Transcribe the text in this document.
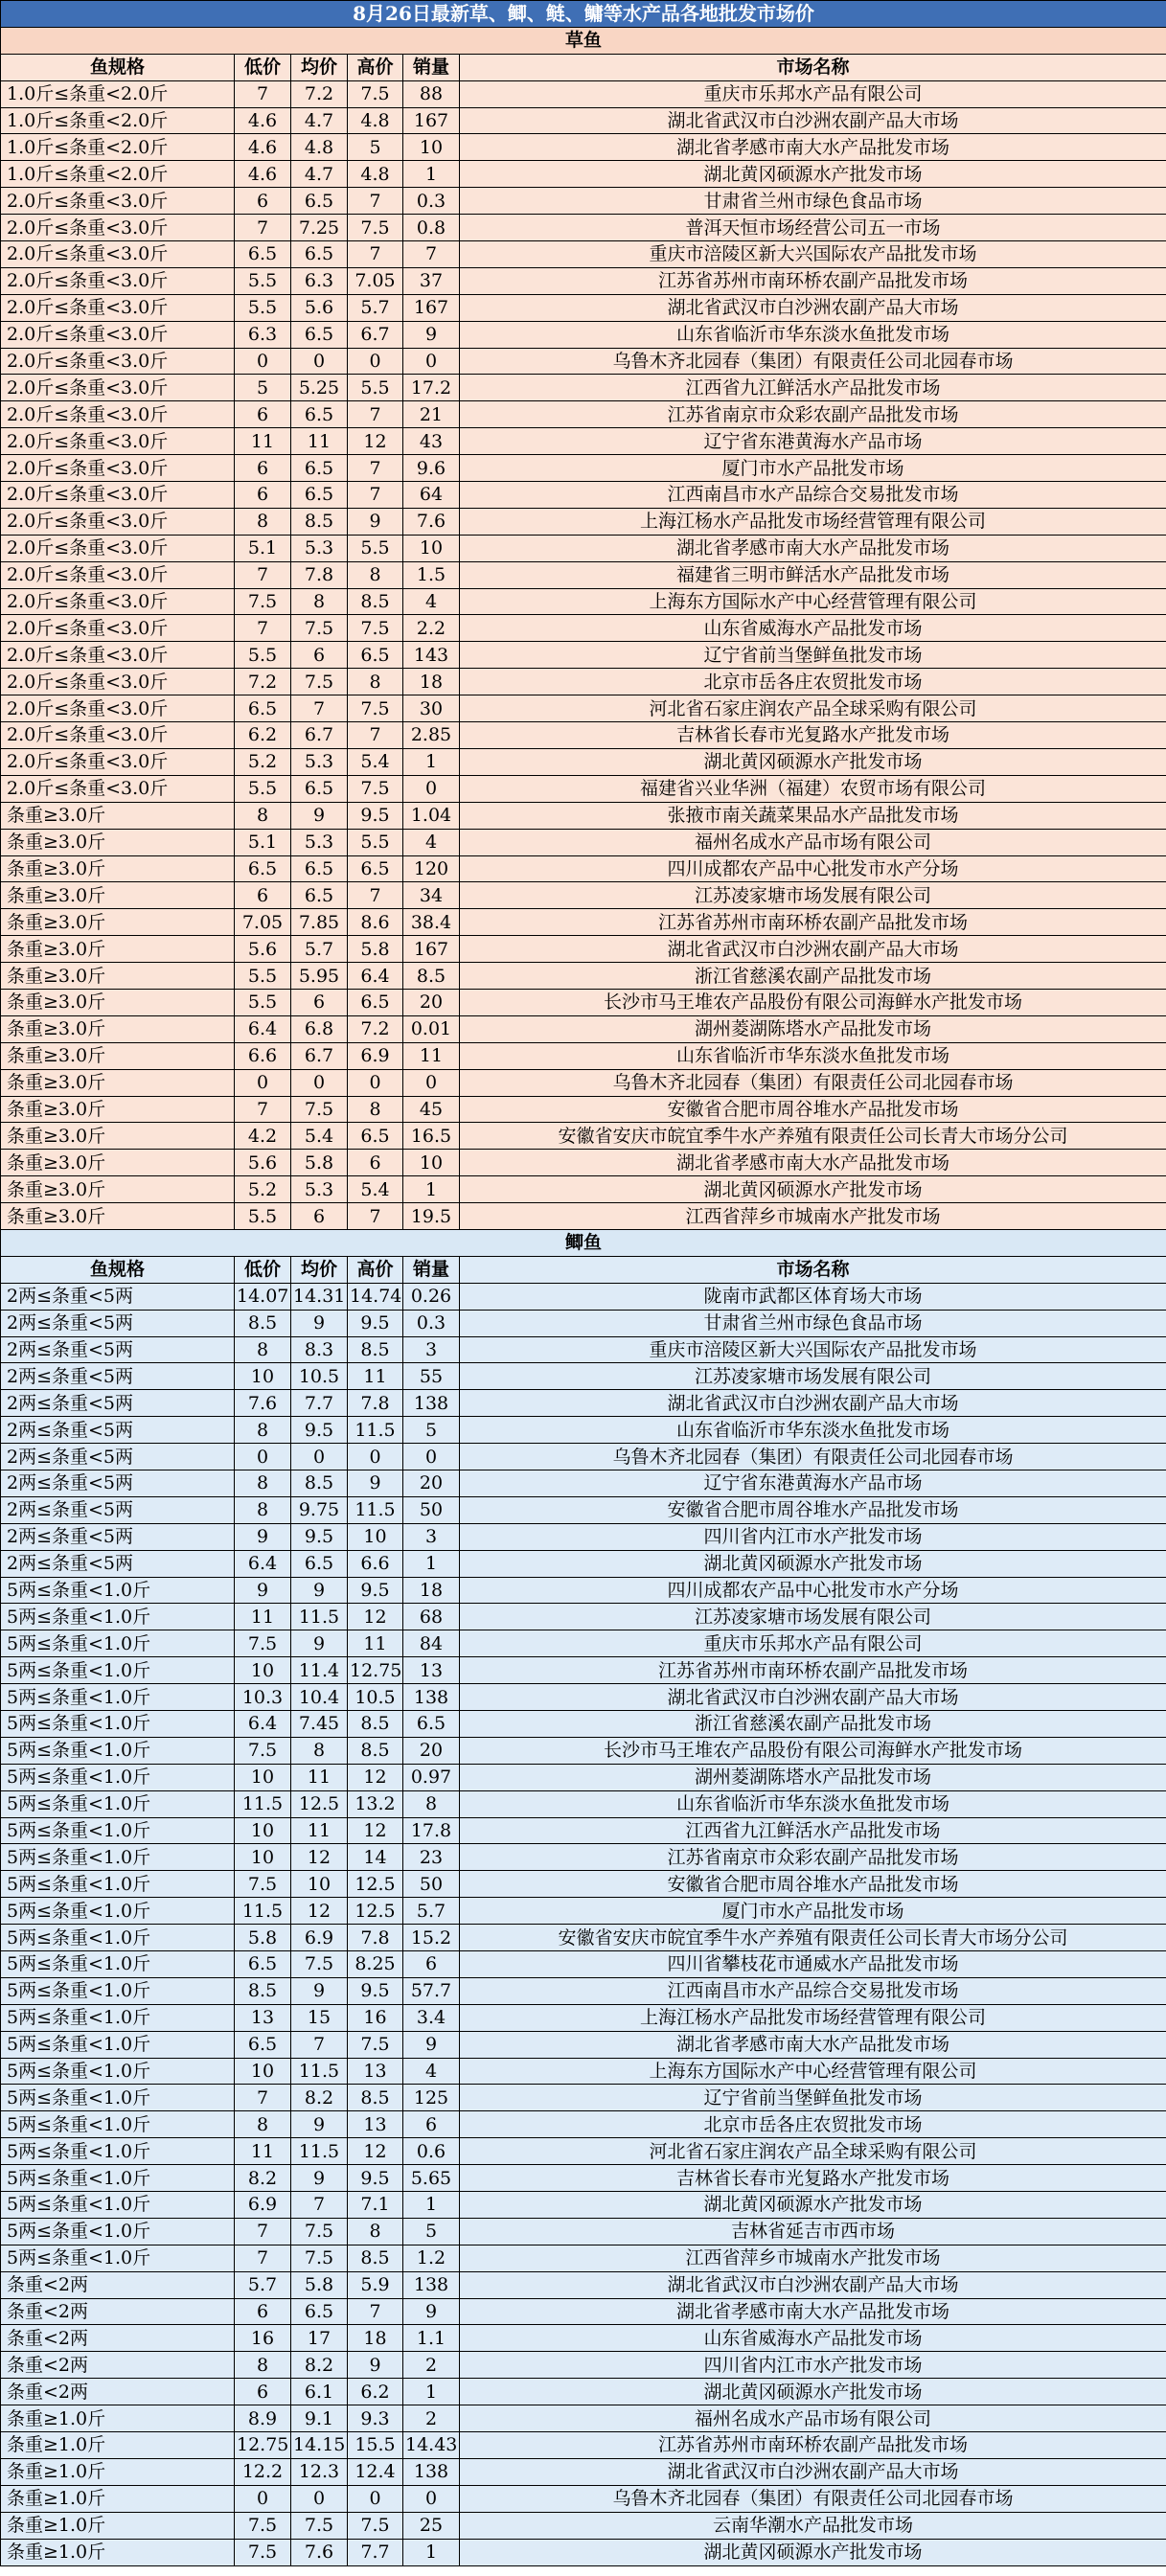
8月26日最新草、鲫、鲢、鳙等水产品各地批发市场价					
草鱼					
鱼规格	低价	均价	高价	销量	市场名称
1.0斤≤条重<2.0斤	7	7.2	7.5	88	重庆市乐邦水产品有限公司
1.0斤≤条重<2.0斤	4.6	4.7	4.8	167	湖北省武汉市白沙洲农副产品大市场
1.0斤≤条重<2.0斤	4.6	4.8	5	10	湖北省孝感市南大水产品批发市场
1.0斤≤条重<2.0斤	4.6	4.7	4.8	1	湖北黄冈硕源水产批发市场
2.0斤≤条重<3.0斤	6	6.5	7	0.3	甘肃省兰州市绿色食品市场
2.0斤≤条重<3.0斤	7	7.25	7.5	0.8	普洱天恒市场经营公司五一市场
2.0斤≤条重<3.0斤	6.5	6.5	7	7	重庆市涪陵区新大兴国际农产品批发市场
2.0斤≤条重<3.0斤	5.5	6.3	7.05	37	江苏省苏州市南环桥农副产品批发市场
2.0斤≤条重<3.0斤	5.5	5.6	5.7	167	湖北省武汉市白沙洲农副产品大市场
2.0斤≤条重<3.0斤	6.3	6.5	6.7	9	山东省临沂市华东淡水鱼批发市场
2.0斤≤条重<3.0斤	0	0	0	0	乌鲁木齐北园春（集团）有限责任公司北园春市场
2.0斤≤条重<3.0斤	5	5.25	5.5	17.2	江西省九江鲜活水产品批发市场
2.0斤≤条重<3.0斤	6	6.5	7	21	江苏省南京市众彩农副产品批发市场
2.0斤≤条重<3.0斤	11	11	12	43	辽宁省东港黄海水产品市场
2.0斤≤条重<3.0斤	6	6.5	7	9.6	厦门市水产品批发市场
2.0斤≤条重<3.0斤	6	6.5	7	64	江西南昌市水产品综合交易批发市场
2.0斤≤条重<3.0斤	8	8.5	9	7.6	上海江杨水产品批发市场经营管理有限公司
2.0斤≤条重<3.0斤	5.1	5.3	5.5	10	湖北省孝感市南大水产品批发市场
2.0斤≤条重<3.0斤	7	7.8	8	1.5	福建省三明市鲜活水产品批发市场
2.0斤≤条重<3.0斤	7.5	8	8.5	4	上海东方国际水产中心经营管理有限公司
2.0斤≤条重<3.0斤	7	7.5	7.5	2.2	山东省威海水产品批发市场
2.0斤≤条重<3.0斤	5.5	6	6.5	143	辽宁省前当堡鲜鱼批发市场
2.0斤≤条重<3.0斤	7.2	7.5	8	18	北京市岳各庄农贸批发市场
2.0斤≤条重<3.0斤	6.5	7	7.5	30	河北省石家庄润农产品全球采购有限公司
2.0斤≤条重<3.0斤	6.2	6.7	7	2.85	吉林省长春市光复路水产批发市场
2.0斤≤条重<3.0斤	5.2	5.3	5.4	1	湖北黄冈硕源水产批发市场
2.0斤≤条重<3.0斤	5.5	6.5	7.5	0	福建省兴业华洲（福建）农贸市场有限公司
条重≥3.0斤	8	9	9.5	1.04	张掖市南关蔬菜果品水产品批发市场
条重≥3.0斤	5.1	5.3	5.5	4	福州名成水产品市场有限公司
条重≥3.0斤	6.5	6.5	6.5	120	四川成都农产品中心批发市水产分场
条重≥3.0斤	6	6.5	7	34	江苏凌家塘市场发展有限公司
条重≥3.0斤	7.05	7.85	8.6	38.4	江苏省苏州市南环桥农副产品批发市场
条重≥3.0斤	5.6	5.7	5.8	167	湖北省武汉市白沙洲农副产品大市场
条重≥3.0斤	5.5	5.95	6.4	8.5	浙江省慈溪农副产品批发市场
条重≥3.0斤	5.5	6	6.5	20	长沙市马王堆农产品股份有限公司海鲜水产批发市场
条重≥3.0斤	6.4	6.8	7.2	0.01	湖州菱湖陈塔水产品批发市场
条重≥3.0斤	6.6	6.7	6.9	11	山东省临沂市华东淡水鱼批发市场
条重≥3.0斤	0	0	0	0	乌鲁木齐北园春（集团）有限责任公司北园春市场
条重≥3.0斤	7	7.5	8	45	安徽省合肥市周谷堆水产品批发市场
条重≥3.0斤	4.2	5.4	6.5	16.5	安徽省安庆市皖宜季牛水产养殖有限责任公司长青大市场分公司
条重≥3.0斤	5.6	5.8	6	10	湖北省孝感市南大水产品批发市场
条重≥3.0斤	5.2	5.3	5.4	1	湖北黄冈硕源水产批发市场
条重≥3.0斤	5.5	6	7	19.5	江西省萍乡市城南水产批发市场
鲫鱼					
鱼规格	低价	均价	高价	销量	市场名称
2两≤条重<5两	14.07	14.31	14.74	0.26	陇南市武都区体育场大市场
2两≤条重<5两	8.5	9	9.5	0.3	甘肃省兰州市绿色食品市场
2两≤条重<5两	8	8.3	8.5	3	重庆市涪陵区新大兴国际农产品批发市场
2两≤条重<5两	10	10.5	11	55	江苏凌家塘市场发展有限公司
2两≤条重<5两	7.6	7.7	7.8	138	湖北省武汉市白沙洲农副产品大市场
2两≤条重<5两	8	9.5	11.5	5	山东省临沂市华东淡水鱼批发市场
2两≤条重<5两	0	0	0	0	乌鲁木齐北园春（集团）有限责任公司北园春市场
2两≤条重<5两	8	8.5	9	20	辽宁省东港黄海水产品市场
2两≤条重<5两	8	9.75	11.5	50	安徽省合肥市周谷堆水产品批发市场
2两≤条重<5两	9	9.5	10	3	四川省内江市水产批发市场
2两≤条重<5两	6.4	6.5	6.6	1	湖北黄冈硕源水产批发市场
5两≤条重<1.0斤	9	9	9.5	18	四川成都农产品中心批发市水产分场
5两≤条重<1.0斤	11	11.5	12	68	江苏凌家塘市场发展有限公司
5两≤条重<1.0斤	7.5	9	11	84	重庆市乐邦水产品有限公司
5两≤条重<1.0斤	10	11.4	12.75	13	江苏省苏州市南环桥农副产品批发市场
5两≤条重<1.0斤	10.3	10.4	10.5	138	湖北省武汉市白沙洲农副产品大市场
5两≤条重<1.0斤	6.4	7.45	8.5	6.5	浙江省慈溪农副产品批发市场
5两≤条重<1.0斤	7.5	8	8.5	20	长沙市马王堆农产品股份有限公司海鲜水产批发市场
5两≤条重<1.0斤	10	11	12	0.97	湖州菱湖陈塔水产品批发市场
5两≤条重<1.0斤	11.5	12.5	13.2	8	山东省临沂市华东淡水鱼批发市场
5两≤条重<1.0斤	10	11	12	17.8	江西省九江鲜活水产品批发市场
5两≤条重<1.0斤	10	12	14	23	江苏省南京市众彩农副产品批发市场
5两≤条重<1.0斤	7.5	10	12.5	50	安徽省合肥市周谷堆水产品批发市场
5两≤条重<1.0斤	11.5	12	12.5	5.7	厦门市水产品批发市场
5两≤条重<1.0斤	5.8	6.9	7.8	15.2	安徽省安庆市皖宜季牛水产养殖有限责任公司长青大市场分公司
5两≤条重<1.0斤	6.5	7.5	8.25	6	四川省攀枝花市通威水产品批发市场
5两≤条重<1.0斤	8.5	9	9.5	57.7	江西南昌市水产品综合交易批发市场
5两≤条重<1.0斤	13	15	16	3.4	上海江杨水产品批发市场经营管理有限公司
5两≤条重<1.0斤	6.5	7	7.5	9	湖北省孝感市南大水产品批发市场
5两≤条重<1.0斤	10	11.5	13	4	上海东方国际水产中心经营管理有限公司
5两≤条重<1.0斤	7	8.2	8.5	125	辽宁省前当堡鲜鱼批发市场
5两≤条重<1.0斤	8	9	13	6	北京市岳各庄农贸批发市场
5两≤条重<1.0斤	11	11.5	12	0.6	河北省石家庄润农产品全球采购有限公司
5两≤条重<1.0斤	8.2	9	9.5	5.65	吉林省长春市光复路水产批发市场
5两≤条重<1.0斤	6.9	7	7.1	1	湖北黄冈硕源水产批发市场
5两≤条重<1.0斤	7	7.5	8	5	吉林省延吉市西市场
5两≤条重<1.0斤	7	7.5	8.5	1.2	江西省萍乡市城南水产批发市场
条重<2两	5.7	5.8	5.9	138	湖北省武汉市白沙洲农副产品大市场
条重<2两	6	6.5	7	9	湖北省孝感市南大水产品批发市场
条重<2两	16	17	18	1.1	山东省威海水产品批发市场
条重<2两	8	8.2	9	2	四川省内江市水产批发市场
条重<2两	6	6.1	6.2	1	湖北黄冈硕源水产批发市场
条重≥1.0斤	8.9	9.1	9.3	2	福州名成水产品市场有限公司
条重≥1.0斤	12.75	14.15	15.5	14.43	江苏省苏州市南环桥农副产品批发市场
条重≥1.0斤	12.2	12.3	12.4	138	湖北省武汉市白沙洲农副产品大市场
条重≥1.0斤	0	0	0	0	乌鲁木齐北园春（集团）有限责任公司北园春市场
条重≥1.0斤	7.5	7.5	7.5	25	云南华潮水产品批发市场
条重≥1.0斤	7.5	7.6	7.7	1	湖北黄冈硕源水产批发市场
